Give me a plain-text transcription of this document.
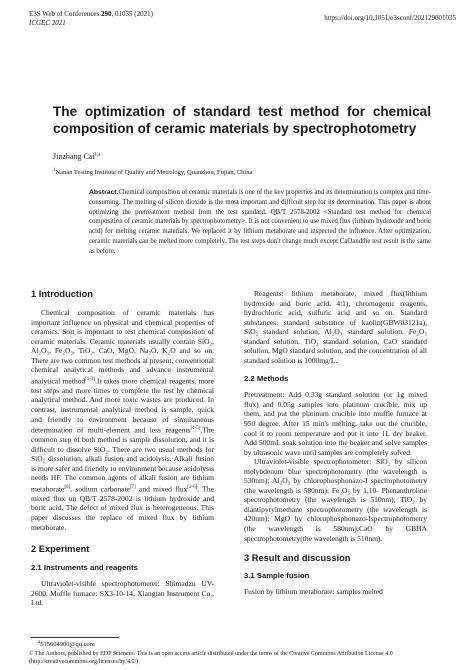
E3S Web of Conferences 290, 01035 (2021)
ICGEC 2021
https://doi.org/10.1051/e3sconf/202129001035
The optimization of standard test method for chemical composition of ceramic materials by spectrophotometry
Jinzhang Cai$^{1,a}$
$^1$Nanan Testing Institute of Quality and Metrology, Quanzhou, Fujian, China
Abstract.Chemical composition of ceramic materials is one of the key properties and its determination is complex and time-consuming. The melting of silicon dioxide is the most important and difficult step for its determination. This paper is about optimizing the pretreatment method from the test standard, QB/T 2578-2002 <Standard test method for chemical composition of ceramic materials by spectrophotometry>. It is not convenient to use mixed flux (lithium hydroxide and boric acid) for melting ceramic materials. We replaced it by lithium metaborate and inspected the influence. After optimization, ceramic materials can be melted more completely. The test steps don't change much except CaOandthe test result is the same as before.
1 Introduction

Chemical composition of ceramic materials has important influence on physical and chemical properties of ceramics. Soit is important to test chemical composition of ceramic materials. Ceramic materials usually contain SiO₂, Al₂O₃, Fe₂O₃, TiO₂, CaO, MgO, Na₂O, K₂O and so on. There are two common test methods at present, conventional chemical analytical methods and advance instrumental analytical method[1-3].It takes more chemical reagents, more test steps and more times to complete the test by chemical analytical method. And more toxic wastes are produced. In contrast, instrumental analytical method is sample, quick and friendly to environment because of simultaneous determination of multi-element and less reagents[4-5].The common step of both method is sample dissolution, and it is difficult to dissolve SiO₂. There are two usual methods for SiO₂ dissolution, alkali fusion and acidolysis. Alkali fusion is more safer and friendly to environment because acidolysis needs HF. The common agents of alkali fusion are lithium metaborate[6], sodium carbonate[7] and mixed flux[2-6]. The mixed flux on QB/T 2578-2002 is lithium hydroxide and boric acid. The defect of mixed flux is heterogeneous. This paper discusses the replace of mixed flux by lithium metaborate.

2 Experiment
2.1 Instruments and reagents

Ultraviolet-visible spectrophotometer: Shimadzu UV-2600. Muffle furnace: SX3-10-14, Xiangtan Instrument Co., Ltd.

Reagents: lithium metaborate, mixed flux(lithium hydroxide and boric acid, 4:1), chromogenic reagents, hydrochloric acid, sulfuric acid and so on. Standard substances: standard substance of kaolin(GBW03121a), SiO₂ standard solution, Al₂O₃ standard solution, Fe₂O₃ standard solution, TiO₂ standard solution, CaO standard solution, MgO standard solution, and the concentration of all standard solution is 1000mg/L.

2.2 Methods

Pretreatment: Add 0.33g standard solution (or 1g mixed flux) and 0.05g samples into platinum crucible, mix up them, and put the platinum crucible into muffle furnace at 950 degree. After 15 min's melting, take out the crucible, cool it to room temperature and put it into 1L dry beaker. Add 500mL soak solution into the beaker and solve samples by ultrasonic wave until samples are completely solved.

Ultraviolet-visible spectrophotometer: SiO₂ by silicon molybdenum blue spectrophotometry (the wavelength is 530nm); Al₂O₃ by chlorophosphonazo-I spectrophotometry (the wavelength is 580nm); Fe₂O₃ by 1,10- Phenanthroline spectrophotometry (the wavelength is 510nm); TiO₂ by diantipyrylmethane spectrophotometry (the wavelength is 420nm); MgO by chlorophosphonazo-Ispectrophotometry (the wavelength is 580nm);CaO by GBHA spectrophotometry(the wavelength is 510nm).

3 Result and discussion
3.1 Sample fusion

Fusion by lithium metaborate: samples melted

$^a$515604900@qq.com
© The Authors, published by EDP Sciences. This is an open access article distributed under the terms of the Creative Commons Attribution License 4.0 (http://creativecommons.org/licenses/by/4.0/).
